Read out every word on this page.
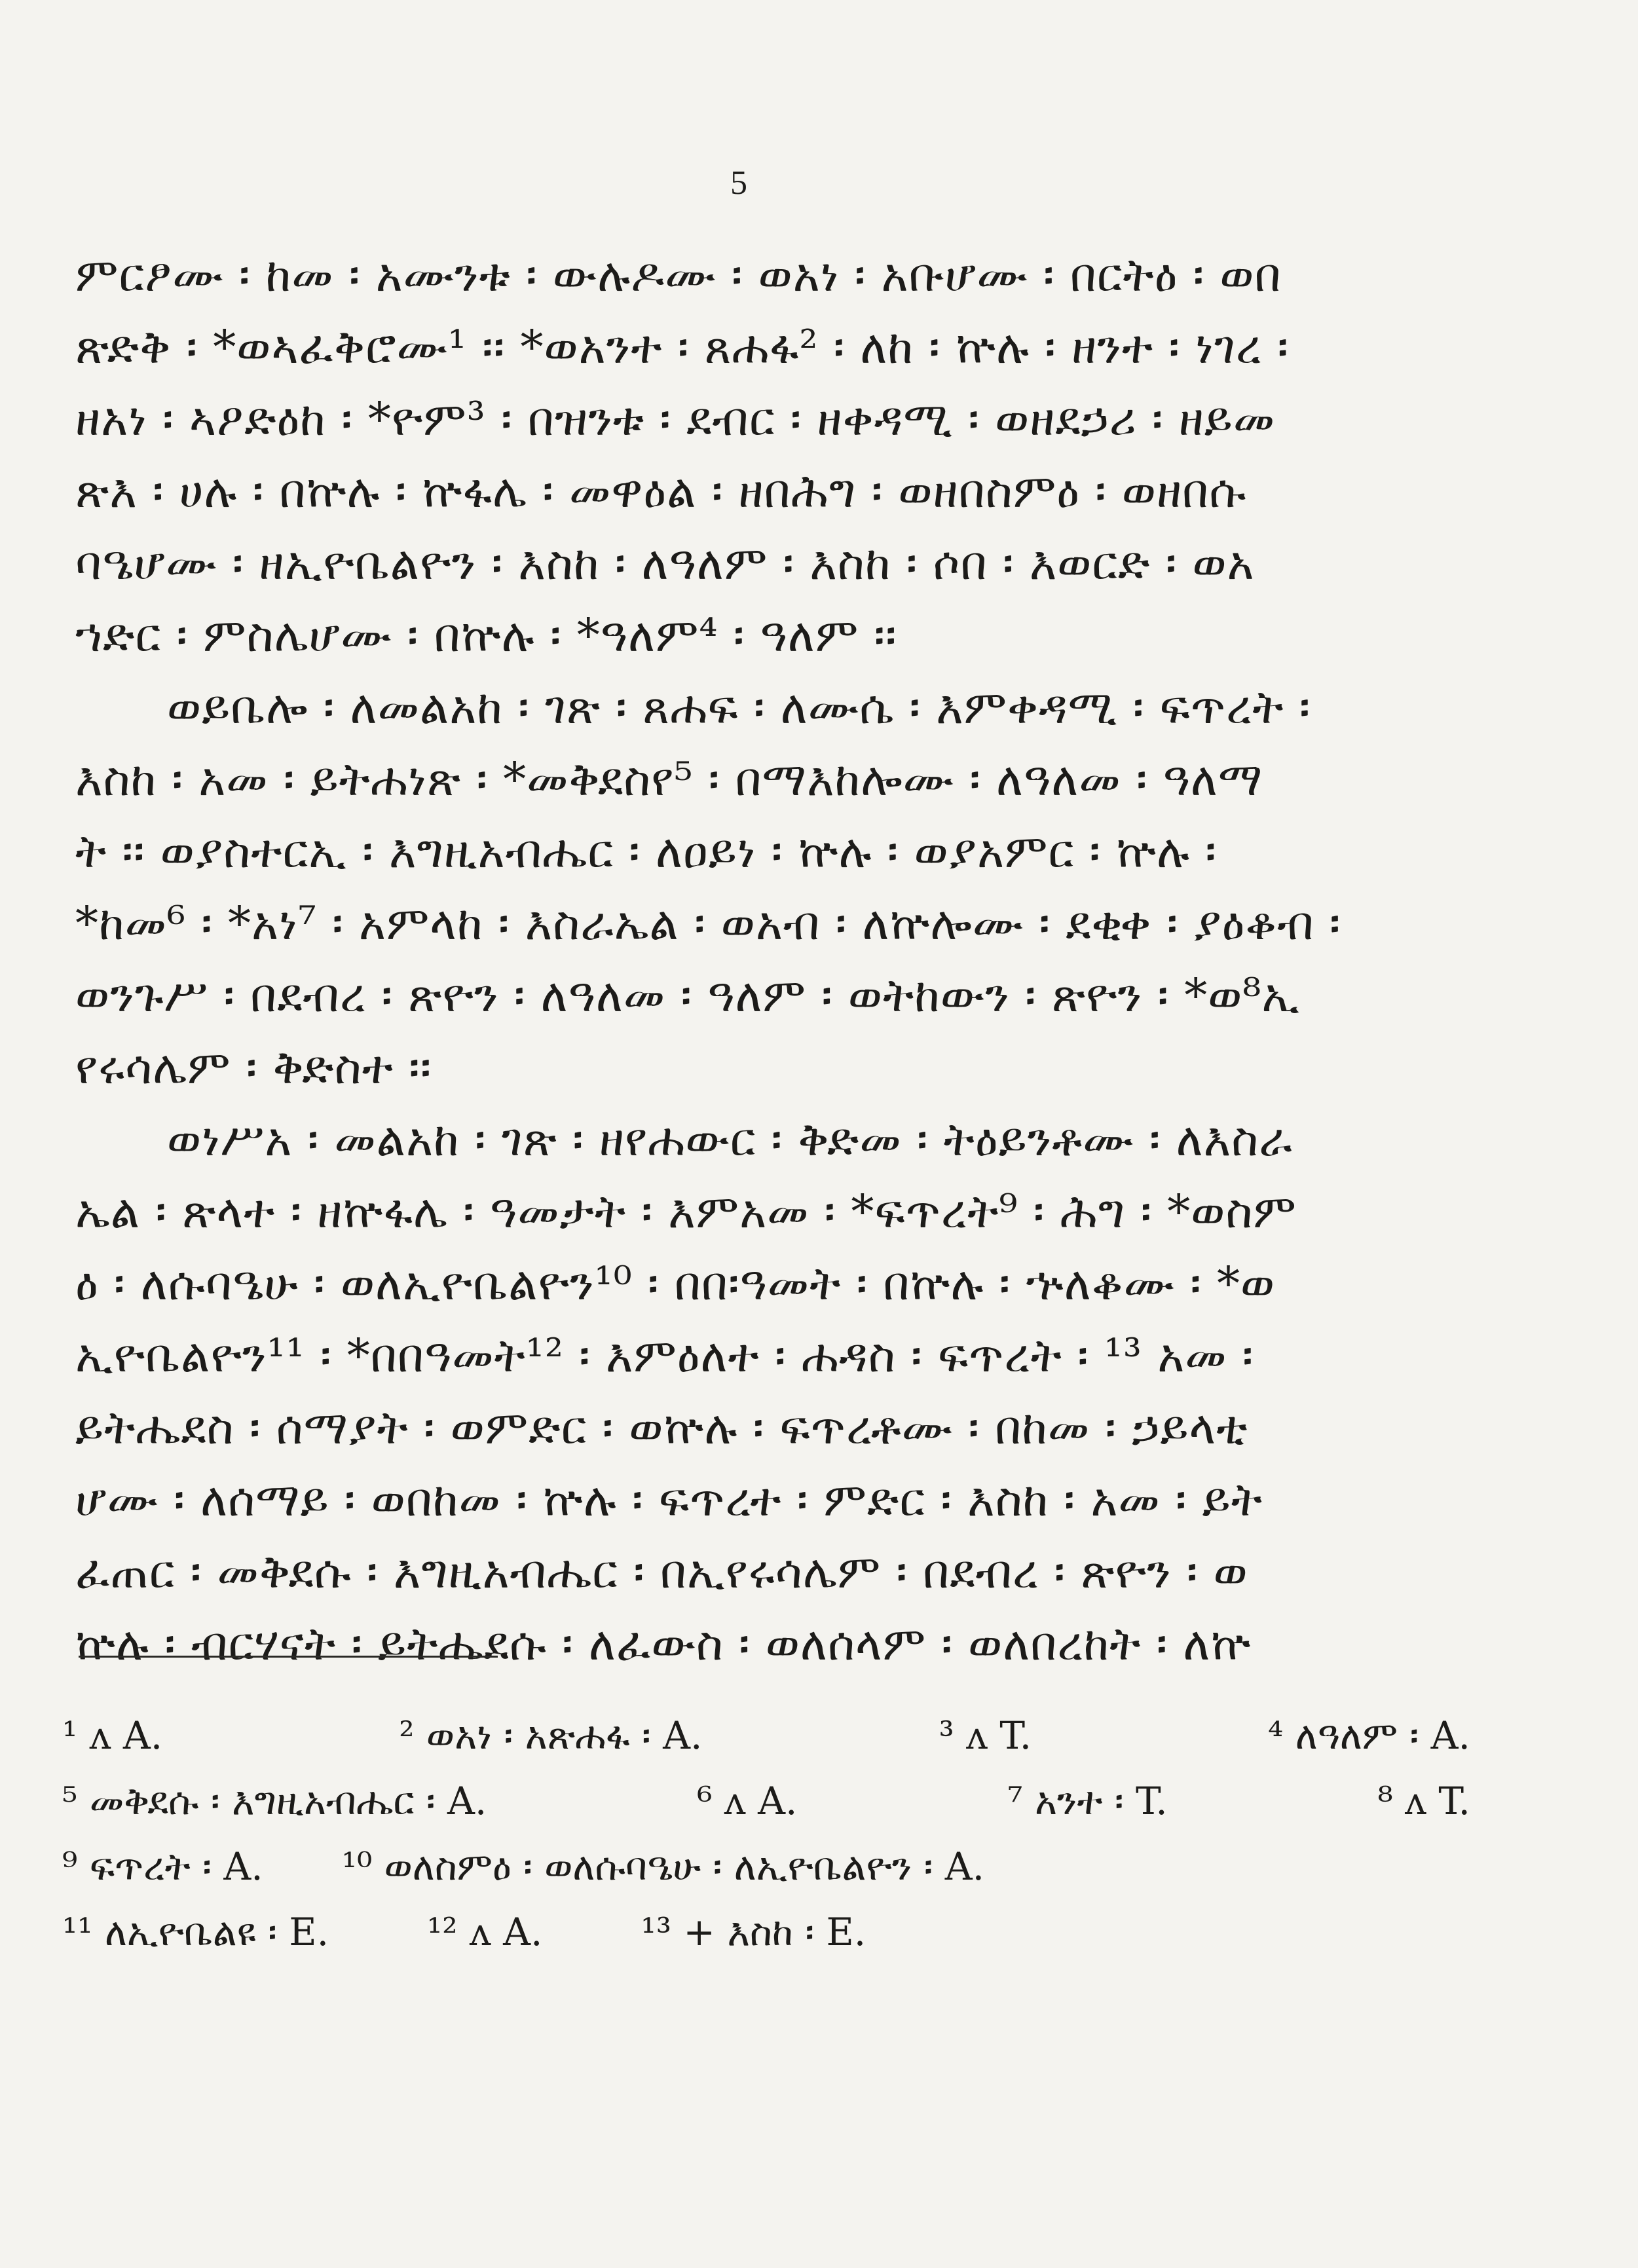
5
ምርፆሙ ፡ ከመ ፡ አሙንቱ ፡ ውሉዶሙ ፡ ወአነ ፡ አቡሆሙ ፡ በርትዕ ፡ ወበ
ጽድቅ ፡ *ወኣፈቅሮሙ¹ ፡፡ *ወአንተ ፡ ጸሐፋ² ፡ ለከ ፡ ኵሉ ፡ ዘንተ ፡ ነገረ ፡
ዘአነ ፡ ኣዖድዕከ ፡ *ዮም³ ፡ በዝንቱ ፡ ደብር ፡ ዘቀዳሚ ፡ ወዘደኃሪ ፡ ዘይመ
ጽእ ፡ ሀሉ ፡ በኵሉ ፡ ኵፋሌ ፡ መዋዕል ፡ ዘበሕግ ፡ ወዘበስምዕ ፡ ወዘበሱ
ባዔሆሙ ፡ ዘኢዮቤልዮን ፡ እስከ ፡ ለዓለም ፡ እስከ ፡ ሶበ ፡ እወርድ ፡ ወአ
ኀድር ፡ ምስሌሆሙ ፡ በኵሉ ፡ *ዓለም⁴ ፡ ዓለም ፡፡
ወይቤሎ ፡ ለመልአከ ፡ ገጽ ፡ ጸሐፍ ፡ ለሙሴ ፡ እምቀዳሚ ፡ ፍጥረት ፡
እስከ ፡ አመ ፡ ይትሐነጽ ፡ *መቅደስየ⁵ ፡ በማእከሎሙ ፡ ለዓለመ ፡ ዓለማ
ት ፡፡ ወያስተርኢ ፡ እግዚአብሔር ፡ ለዐይነ ፡ ኵሉ ፡ ወያአምር ፡ ኵሉ ፡
*ከመ⁶ ፡ *አነ⁷ ፡ አምላከ ፡ እስራኤል ፡ ወአብ ፡ ለኵሎሙ ፡ ደቂቀ ፡ ያዕቆብ ፡
ወንጉሥ ፡ በደብረ ፡ ጽዮን ፡ ለዓለመ ፡ ዓለም ፡ ወትከውን ፡ ጽዮን ፡ *ወ⁸ኢ
የሩሳሌም ፡ ቅድስተ ፡፡
ወነሥአ ፡ መልአከ ፡ ገጽ ፡ ዘየሐውር ፡ ቅድመ ፡ ትዕይንቶሙ ፡ ለእስራ
ኤል ፡ ጽላተ ፡ ዘኵፋሌ ፡ ዓመታት ፡ እምአመ ፡ *ፍጥረት⁹ ፡ ሕግ ፡ *ወስም
ዕ ፡ ለሱባዔሁ ፡ ወለኢዮቤልዮን¹⁰ ፡ በበ፡ዓመት ፡ በኵሉ ፡ ኍለቆሙ ፡ *ወ
ኢዮቤልዮን¹¹ ፡ *በበዓመት¹² ፡ እምዕለተ ፡ ሐዳስ ፡ ፍጥረት ፡ ¹³ አመ ፡
ይትሔደስ ፡ ሰማያት ፡ ወምድር ፡ ወኵሉ ፡ ፍጥረቶሙ ፡ በከመ ፡ ኃይላቲ
ሆሙ ፡ ለሰማይ ፡ ወበከመ ፡ ኵሉ ፡ ፍጥረተ ፡ ምድር ፡ እስከ ፡ አመ ፡ ይት
ፈጠር ፡ መቅደሱ ፡ እግዚአብሔር ፡ በኢየሩሳሌም ፡ በደብረ ፡ ጽዮን ፡ ወ
ኵሉ ፡ ብርሃናት ፡ ይትሔደሱ ፡ ለፈውስ ፡ ወለሰላም ፡ ወለበረከት ፡ ለኵ
¹ ᴧ A.	² ወአነ ፡ አጽሐፋ ፡ A.	³ ᴧ T.	⁴ ለዓለም ፡ A.
⁵ መቅደሱ ፡ እግዚአብሔር ፡ A.	⁶ ᴧ A.	⁷ አንተ ፡ T.	⁸ ᴧ T.
⁹ ፍጥረት ፡ A. ¹⁰ ወለስምዕ ፡ ወለሱባዔሁ ፡ ለኢዮቤልዮን ፡ A.
¹¹ ለኢዮቤልዩ ፡ E.	¹² ᴧ A.	¹³ + እስከ ፡ E.
